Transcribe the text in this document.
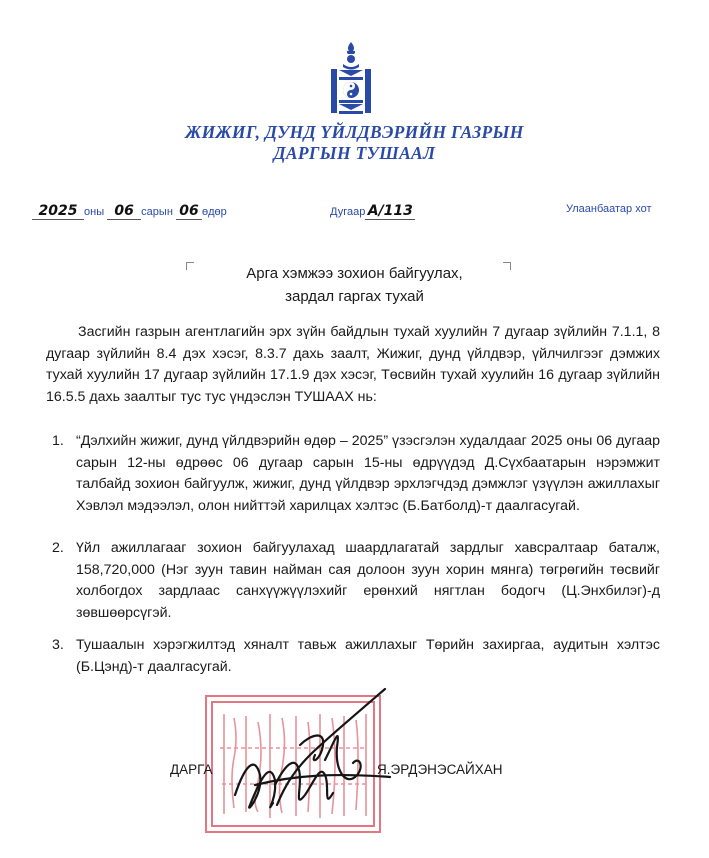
ЖИЖИГ, ДУНД ҮЙЛДВЭРИЙН ГАЗРЫН
ДАРГЫН ТУШААЛ
2025 оны 06 сарын 06 өдөр	Дугаар А/113	Улаанбаатар хот
Арга хэмжээ зохион байгуулах,
зардал гаргах тухай
Засгийн газрын агентлагийн эрх зүйн байдлын тухай хуулийн 7 дугаар зүйлийн 7.1.1, 8 дугаар зүйлийн 8.4 дэх хэсэг, 8.3.7 дахь заалт, Жижиг, дунд үйлдвэр, үйлчилгээг дэмжих тухай хуулийн 17 дугаар зүйлийн 17.1.9 дэх хэсэг, Төсвийн тухай хуулийн 16 дугаар зүйлийн 16.5.5 дахь заалтыг тус тус үндэслэн ТУШААХ нь:
1. “Дэлхийн жижиг, дунд үйлдвэрийн өдөр – 2025” үзэсгэлэн худалдааг 2025 оны 06 дугаар сарын 12-ны өдрөөс 06 дугаар сарын 15-ны өдрүүдэд Д.Сүхбаатарын нэрэмжит талбайд зохион байгуулж, жижиг, дунд үйлдвэр эрхлэгчдэд дэмжлэг үзүүлэн ажиллахыг Хэвлэл мэдээлэл, олон нийттэй харилцах хэлтэс (Б.Батболд)-т даалгасугай.
2. Үйл ажиллагааг зохион байгуулахад шаардлагатай зардлыг хавсралтаар баталж, 158,720,000 (Нэг зуун тавин найман сая долоон зуун хорин мянга) төгрөгийн төсвийг холбогдох зардлаас санхүүжүүлэхийг ерөнхий нягтлан бодогч (Ц.Энхбилэг)-д зөвшөөрсүгэй.
3. Тушаалын хэрэгжилтэд хяналт тавьж ажиллахыг Төрийн захиргаа, аудитын хэлтэс (Б.Цэнд)-т даалгасугай.
ДАРГА	Я.ЭРДЭНЭСАЙХАН
